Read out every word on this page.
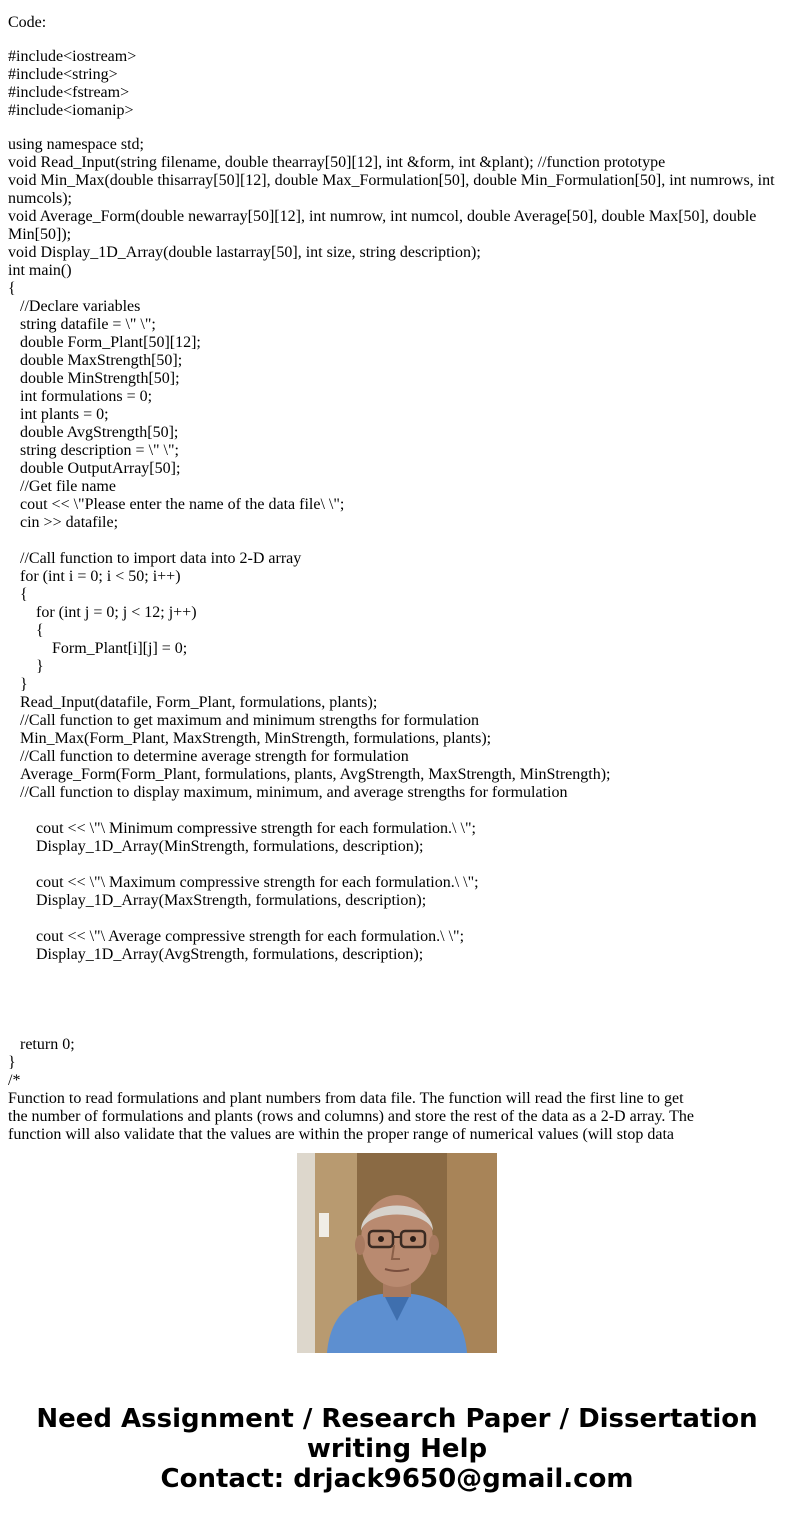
Code:
#include<iostream>
#include<string>
#include<fstream>
#include<iomanip>
using namespace std;
void Read_Input(string filename, double thearray[50][12], int &form, int &plant); //function prototype
void Min_Max(double thisarray[50][12], double Max_Formulation[50], double Min_Formulation[50], int numrows, int numcols);
void Average_Form(double newarray[50][12], int numrow, int numcol, double Average[50], double Max[50], double Min[50]);
void Display_1D_Array(double lastarray[50], int size, string description);
int main()
{
//Declare variables
string datafile = \" \";
double Form_Plant[50][12];
double MaxStrength[50];
double MinStrength[50];
int formulations = 0;
int plants = 0;
double AvgStrength[50];
string description = \" \";
double OutputArray[50];
//Get file name
cout << \"Please enter the name of the data file\ \";
cin >> datafile;
//Call function to import data into 2-D array
for (int i = 0; i < 50; i++)
{
for (int j = 0; j < 12; j++)
{
Form_Plant[i][j] = 0;
}
}
Read_Input(datafile, Form_Plant, formulations, plants);
//Call function to get maximum and minimum strengths for formulation
Min_Max(Form_Plant, MaxStrength, MinStrength, formulations, plants);
//Call function to determine average strength for formulation
Average_Form(Form_Plant, formulations, plants, AvgStrength, MaxStrength, MinStrength);
//Call function to display maximum, minimum, and average strengths for formulation
cout << \"\ Minimum compressive strength for each formulation.\ \";
Display_1D_Array(MinStrength, formulations, description);
cout << \"\ Maximum compressive strength for each formulation.\ \";
Display_1D_Array(MaxStrength, formulations, description);
cout << \"\ Average compressive strength for each formulation.\ \";
Display_1D_Array(AvgStrength, formulations, description);
return 0;
}
/*
Function to read formulations and plant numbers from data file. The function will read the first line to get
the number of formulations and plants (rows and columns) and store the rest of the data as a 2-D array. The
function will also validate that the values are within the proper range of numerical values (will stop data
Need Assignment / Research Paper / Dissertation
writing Help
Contact: drjack9650@gmail.com
